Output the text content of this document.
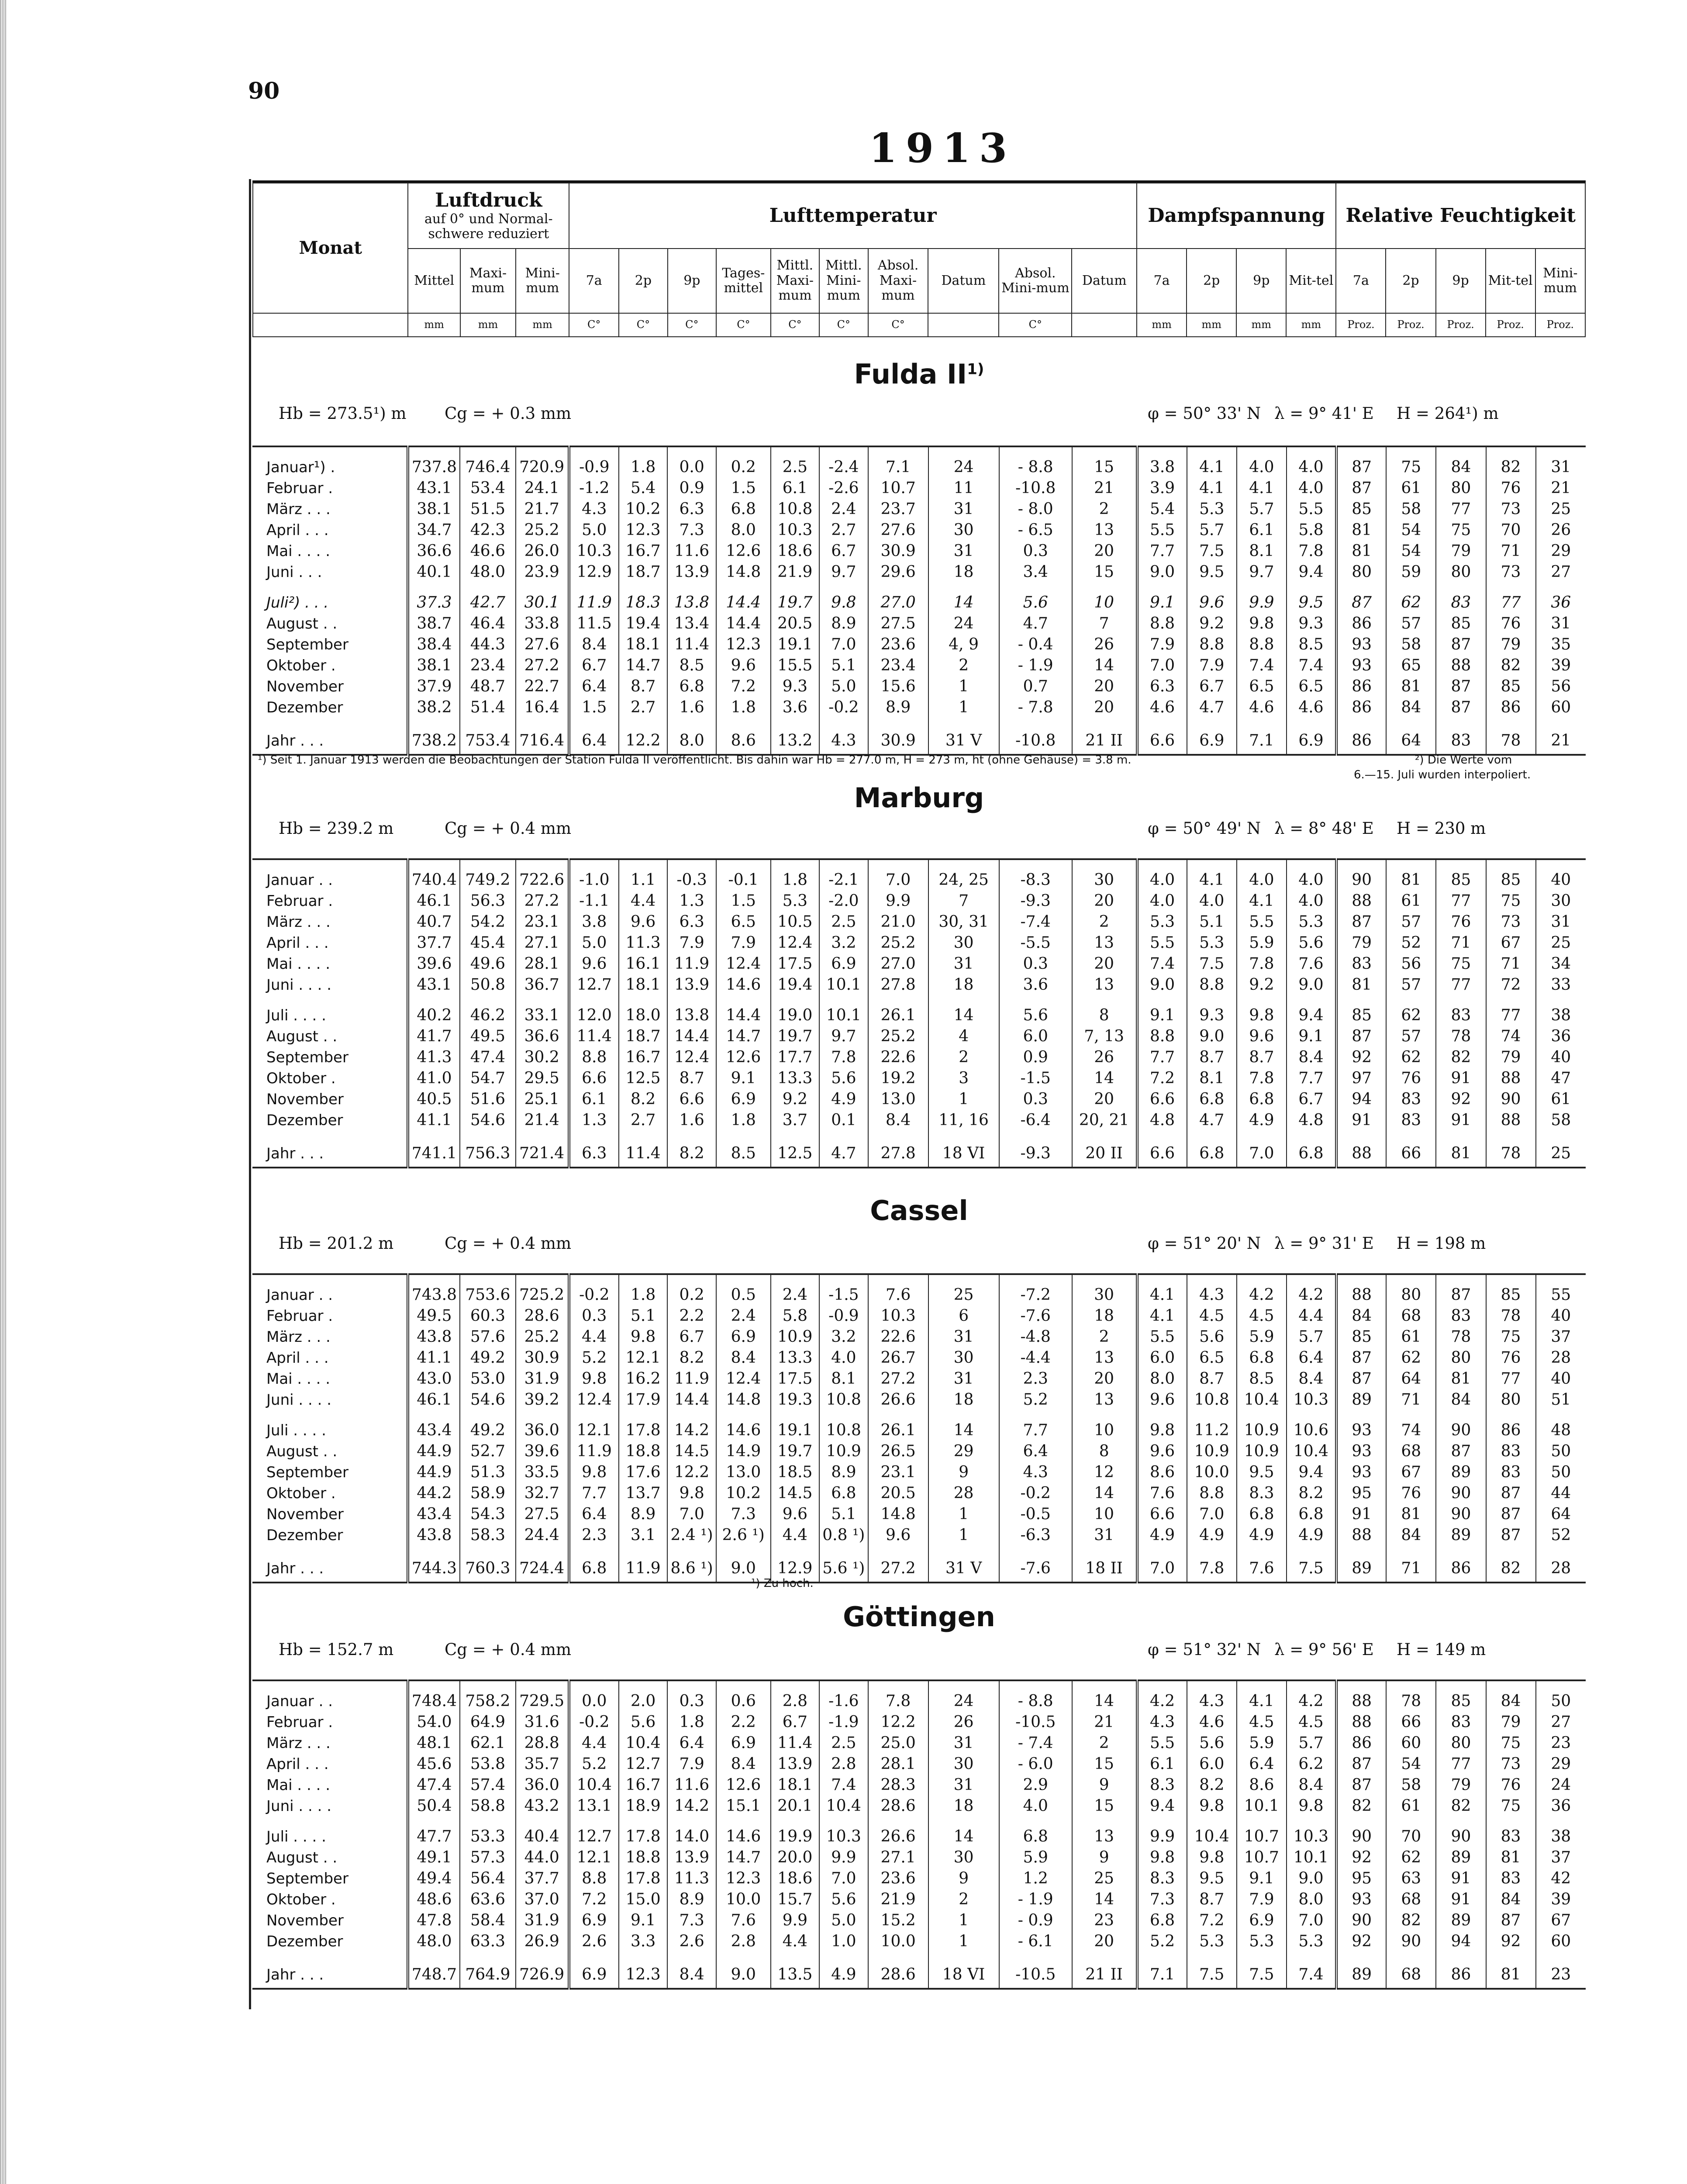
90
1913
Monat	Luftdruck
auf 0° und Normal-schwere reduziert			Lufttemperatur										Dampfspannung				Relative Feuchtigkeit				
	Mittel	Maxi-mum	Mini-mum	7a	2p	9p	Tages-mittel	Mittl. Maxi-mum	Mittl. Mini-mum	Absol. Maxi-mum	Datum	Absol. Mini-mum	Datum	7a	2p	9p	Mit-tel	7a	2p	9p	Mit-tel	Mini-mum
	mm	mm	mm	C°	C°	C°	C°	C°	C°	C°		C°		mm	mm	mm	mm	Proz.	Proz.	Proz.	Proz.	Proz.
Fulda II$^{1)}$
Hb = 273.5¹) m Cg = + 0.3 mm	φ = 50° 33' N λ = 9° 41' E H = 264¹) m

Januar¹) .	737.8	746.4	720.9	-0.9	1.8	0.0	0.2	2.5	-2.4	7.1	24	- 8.8	15	3.8	4.1	4.0	4.0	87	75	84	82	31
Februar .	43.1	53.4	24.1	-1.2	5.4	0.9	1.5	6.1	-2.6	10.7	11	-10.8	21	3.9	4.1	4.1	4.0	87	61	80	76	21
März . . .	38.1	51.5	21.7	4.3	10.2	6.3	6.8	10.8	2.4	23.7	31	- 8.0	2	5.4	5.3	5.7	5.5	85	58	77	73	25
April . . .	34.7	42.3	25.2	5.0	12.3	7.3	8.0	10.3	2.7	27.6	30	- 6.5	13	5.5	5.7	6.1	5.8	81	54	75	70	26
Mai . . . .	36.6	46.6	26.0	10.3	16.7	11.6	12.6	18.6	6.7	30.9	31	0.3	20	7.7	7.5	8.1	7.8	81	54	79	71	29
Juni . . .	40.1	48.0	23.9	12.9	18.7	13.9	14.8	21.9	9.7	29.6	18	3.4	15	9.0	9.5	9.7	9.4	80	59	80	73	27

Juli²) . . .	37.3	42.7	30.1	11.9	18.3	13.8	14.4	19.7	9.8	27.0	14	5.6	10	9.1	9.6	9.9	9.5	87	62	83	77	36
August . .	38.7	46.4	33.8	11.5	19.4	13.4	14.4	20.5	8.9	27.5	24	4.7	7	8.8	9.2	9.8	9.3	86	57	85	76	31
September	38.4	44.3	27.6	8.4	18.1	11.4	12.3	19.1	7.0	23.6	4, 9	- 0.4	26	7.9	8.8	8.8	8.5	93	58	87	79	35
Oktober .	38.1	23.4	27.2	6.7	14.7	8.5	9.6	15.5	5.1	23.4	2	- 1.9	14	7.0	7.9	7.4	7.4	93	65	88	82	39
November	37.9	48.7	22.7	6.4	8.7	6.8	7.2	9.3	5.0	15.6	1	0.7	20	6.3	6.7	6.5	6.5	86	81	87	85	56
Dezember	38.2	51.4	16.4	1.5	2.7	1.6	1.8	3.6	-0.2	8.9	1	- 7.8	20	4.6	4.7	4.6	4.6	86	84	87	86	60

Jahr . . .	738.2	753.4	716.4	6.4	12.2	8.0	8.6	13.2	4.3	30.9	31 V	-10.8	21 II	6.6	6.9	7.1	6.9	86	64	83	78	21
¹) Seit 1. Januar 1913 werden die Beobachtungen der Station Fulda II veröffentlicht. Bis dahin war Hb = 277.0 m, H = 273 m, ht (ohne Gehäuse) = 3.8 m.	²) Die Werte vom
6.—15. Juli wurden interpoliert.
Marburg
Hb = 239.2 m	Cg = + 0.4 mm	φ = 50° 49' N λ = 8° 48' E H = 230 m

Januar . .	740.4	749.2	722.6	-1.0	1.1	-0.3	-0.1	1.8	-2.1	7.0	24, 25	-8.3	30	4.0	4.1	4.0	4.0	90	81	85	85	40
Februar .	46.1	56.3	27.2	-1.1	4.4	1.3	1.5	5.3	-2.0	9.9	7	-9.3	20	4.0	4.0	4.1	4.0	88	61	77	75	30
März . . .	40.7	54.2	23.1	3.8	9.6	6.3	6.5	10.5	2.5	21.0	30, 31	-7.4	2	5.3	5.1	5.5	5.3	87	57	76	73	31
April . . .	37.7	45.4	27.1	5.0	11.3	7.9	7.9	12.4	3.2	25.2	30	-5.5	13	5.5	5.3	5.9	5.6	79	52	71	67	25
Mai . . . .	39.6	49.6	28.1	9.6	16.1	11.9	12.4	17.5	6.9	27.0	31	0.3	20	7.4	7.5	7.8	7.6	83	56	75	71	34
Juni . . . .	43.1	50.8	36.7	12.7	18.1	13.9	14.6	19.4	10.1	27.8	18	3.6	13	9.0	8.8	9.2	9.0	81	57	77	72	33

Juli . . . .	40.2	46.2	33.1	12.0	18.0	13.8	14.4	19.0	10.1	26.1	14	5.6	8	9.1	9.3	9.8	9.4	85	62	83	77	38
August . .	41.7	49.5	36.6	11.4	18.7	14.4	14.7	19.7	9.7	25.2	4	6.0	7, 13	8.8	9.0	9.6	9.1	87	57	78	74	36
September	41.3	47.4	30.2	8.8	16.7	12.4	12.6	17.7	7.8	22.6	2	0.9	26	7.7	8.7	8.7	8.4	92	62	82	79	40
Oktober .	41.0	54.7	29.5	6.6	12.5	8.7	9.1	13.3	5.6	19.2	3	-1.5	14	7.2	8.1	7.8	7.7	97	76	91	88	47
November	40.5	51.6	25.1	6.1	8.2	6.6	6.9	9.2	4.9	13.0	1	0.3	20	6.6	6.8	6.8	6.7	94	83	92	90	61
Dezember	41.1	54.6	21.4	1.3	2.7	1.6	1.8	3.7	0.1	8.4	11, 16	-6.4	20, 21	4.8	4.7	4.9	4.8	91	83	91	88	58

Jahr . . .	741.1	756.3	721.4	6.3	11.4	8.2	8.5	12.5	4.7	27.8	18 VI	-9.3	20 II	6.6	6.8	7.0	6.8	88	66	81	78	25
Cassel
Hb = 201.2 m	Cg = + 0.4 mm	φ = 51° 20' N λ = 9° 31' E H = 198 m

Januar . .	743.8	753.6	725.2	-0.2	1.8	0.2	0.5	2.4	-1.5	7.6	25	-7.2	30	4.1	4.3	4.2	4.2	88	80	87	85	55
Februar .	49.5	60.3	28.6	0.3	5.1	2.2	2.4	5.8	-0.9	10.3	6	-7.6	18	4.1	4.5	4.5	4.4	84	68	83	78	40
März . . .	43.8	57.6	25.2	4.4	9.8	6.7	6.9	10.9	3.2	22.6	31	-4.8	2	5.5	5.6	5.9	5.7	85	61	78	75	37
April . . .	41.1	49.2	30.9	5.2	12.1	8.2	8.4	13.3	4.0	26.7	30	-4.4	13	6.0	6.5	6.8	6.4	87	62	80	76	28
Mai . . . .	43.0	53.0	31.9	9.8	16.2	11.9	12.4	17.5	8.1	27.2	31	2.3	20	8.0	8.7	8.5	8.4	87	64	81	77	40
Juni . . . .	46.1	54.6	39.2	12.4	17.9	14.4	14.8	19.3	10.8	26.6	18	5.2	13	9.6	10.8	10.4	10.3	89	71	84	80	51

Juli . . . .	43.4	49.2	36.0	12.1	17.8	14.2	14.6	19.1	10.8	26.1	14	7.7	10	9.8	11.2	10.9	10.6	93	74	90	86	48
August . .	44.9	52.7	39.6	11.9	18.8	14.5	14.9	19.7	10.9	26.5	29	6.4	8	9.6	10.9	10.9	10.4	93	68	87	83	50
September	44.9	51.3	33.5	9.8	17.6	12.2	13.0	18.5	8.9	23.1	9	4.3	12	8.6	10.0	9.5	9.4	93	67	89	83	50
Oktober .	44.2	58.9	32.7	7.7	13.7	9.8	10.2	14.5	6.8	20.5	28	-0.2	14	7.6	8.8	8.3	8.2	95	76	90	87	44
November	43.4	54.3	27.5	6.4	8.9	7.0	7.3	9.6	5.1	14.8	1	-0.5	10	6.6	7.0	6.8	6.8	91	81	90	87	64
Dezember	43.8	58.3	24.4	2.3	3.1	2.4 ¹)	2.6 ¹)	4.4	0.8 ¹)	9.6	1	-6.3	31	4.9	4.9	4.9	4.9	88	84	89	87	52

Jahr . . .	744.3	760.3	724.4	6.8	11.9	8.6 ¹)	9.0	12.9	5.6 ¹)	27.2	31 V	-7.6	18 II	7.0	7.8	7.6	7.5	89	71	86	82	28
¹) Zu hoch.
Göttingen
Hb = 152.7 m	Cg = + 0.4 mm	φ = 51° 32' N λ = 9° 56' E H = 149 m

Januar . .	748.4	758.2	729.5	0.0	2.0	0.3	0.6	2.8	-1.6	7.8	24	- 8.8	14	4.2	4.3	4.1	4.2	88	78	85	84	50
Februar .	54.0	64.9	31.6	-0.2	5.6	1.8	2.2	6.7	-1.9	12.2	26	-10.5	21	4.3	4.6	4.5	4.5	88	66	83	79	27
März . . .	48.1	62.1	28.8	4.4	10.4	6.4	6.9	11.4	2.5	25.0	31	- 7.4	2	5.5	5.6	5.9	5.7	86	60	80	75	23
April . . .	45.6	53.8	35.7	5.2	12.7	7.9	8.4	13.9	2.8	28.1	30	- 6.0	15	6.1	6.0	6.4	6.2	87	54	77	73	29
Mai . . . .	47.4	57.4	36.0	10.4	16.7	11.6	12.6	18.1	7.4	28.3	31	2.9	9	8.3	8.2	8.6	8.4	87	58	79	76	24
Juni . . . .	50.4	58.8	43.2	13.1	18.9	14.2	15.1	20.1	10.4	28.6	18	4.0	15	9.4	9.8	10.1	9.8	82	61	82	75	36

Juli . . . .	47.7	53.3	40.4	12.7	17.8	14.0	14.6	19.9	10.3	26.6	14	6.8	13	9.9	10.4	10.7	10.3	90	70	90	83	38
August . .	49.1	57.3	44.0	12.1	18.8	13.9	14.7	20.0	9.9	27.1	30	5.9	9	9.8	9.8	10.7	10.1	92	62	89	81	37
September	49.4	56.4	37.7	8.8	17.8	11.3	12.3	18.6	7.0	23.6	9	1.2	25	8.3	9.5	9.1	9.0	95	63	91	83	42
Oktober .	48.6	63.6	37.0	7.2	15.0	8.9	10.0	15.7	5.6	21.9	2	- 1.9	14	7.3	8.7	7.9	8.0	93	68	91	84	39
November	47.8	58.4	31.9	6.9	9.1	7.3	7.6	9.9	5.0	15.2	1	- 0.9	23	6.8	7.2	6.9	7.0	90	82	89	87	67
Dezember	48.0	63.3	26.9	2.6	3.3	2.6	2.8	4.4	1.0	10.0	1	- 6.1	20	5.2	5.3	5.3	5.3	92	90	94	92	60

Jahr . . .	748.7	764.9	726.9	6.9	12.3	8.4	9.0	13.5	4.9	28.6	18 VI	-10.5	21 II	7.1	7.5	7.5	7.4	89	68	86	81	23
